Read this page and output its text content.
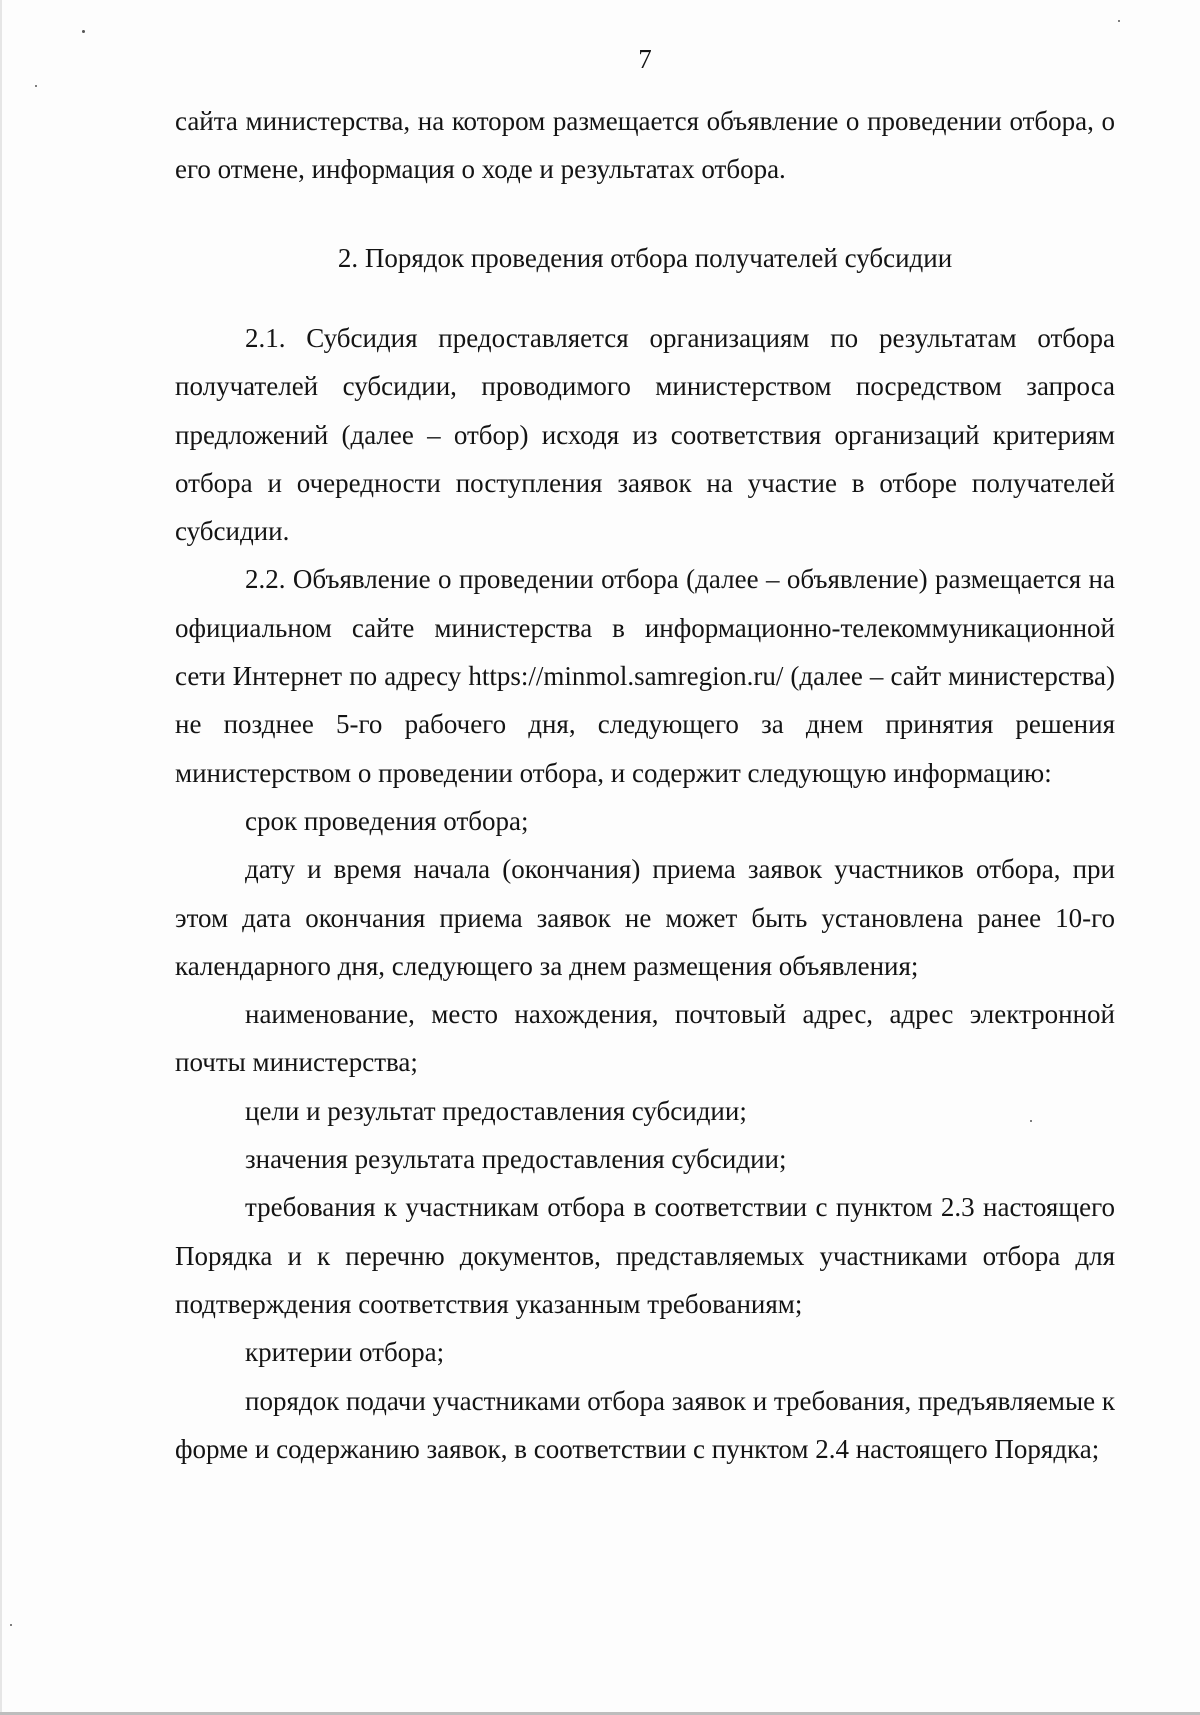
7

сайта министерства, на котором размещается объявление о проведении отбора, о его отмене, информация о ходе и результатах отбора.

2. Порядок проведения отбора получателей субсидии

2.1. Субсидия предоставляется организациям по результатам отбора получателей субсидии, проводимого министерством посредством запроса предложений (далее – отбор) исходя из соответствия организаций критериям отбора и очередности поступления заявок на участие в отборе получателей субсидии.

2.2. Объявление о проведении отбора (далее – объявление) размещается на официальном сайте министерства в информационно-телекоммуникационной сети Интернет по адресу https://minmol.samregion.ru/ (далее – сайт министерства) не позднее 5-го рабочего дня, следующего за днем принятия решения министерством о проведении отбора, и содержит следующую информацию:

срок проведения отбора;

дату и время начала (окончания) приема заявок участников отбора, при этом дата окончания приема заявок не может быть установлена ранее 10-го календарного дня, следующего за днем размещения объявления;

наименование, место нахождения, почтовый адрес, адрес электронной почты министерства;

цели и результат предоставления субсидии;

значения результата предоставления субсидии;

требования к участникам отбора в соответствии с пунктом 2.3 настоящего Порядка и к перечню документов, представляемых участниками отбора для подтверждения соответствия указанным требованиям;

критерии отбора;

порядок подачи участниками отбора заявок и требования, предъявляемые к форме и содержанию заявок, в соответствии с пунктом 2.4 настоящего Порядка;
